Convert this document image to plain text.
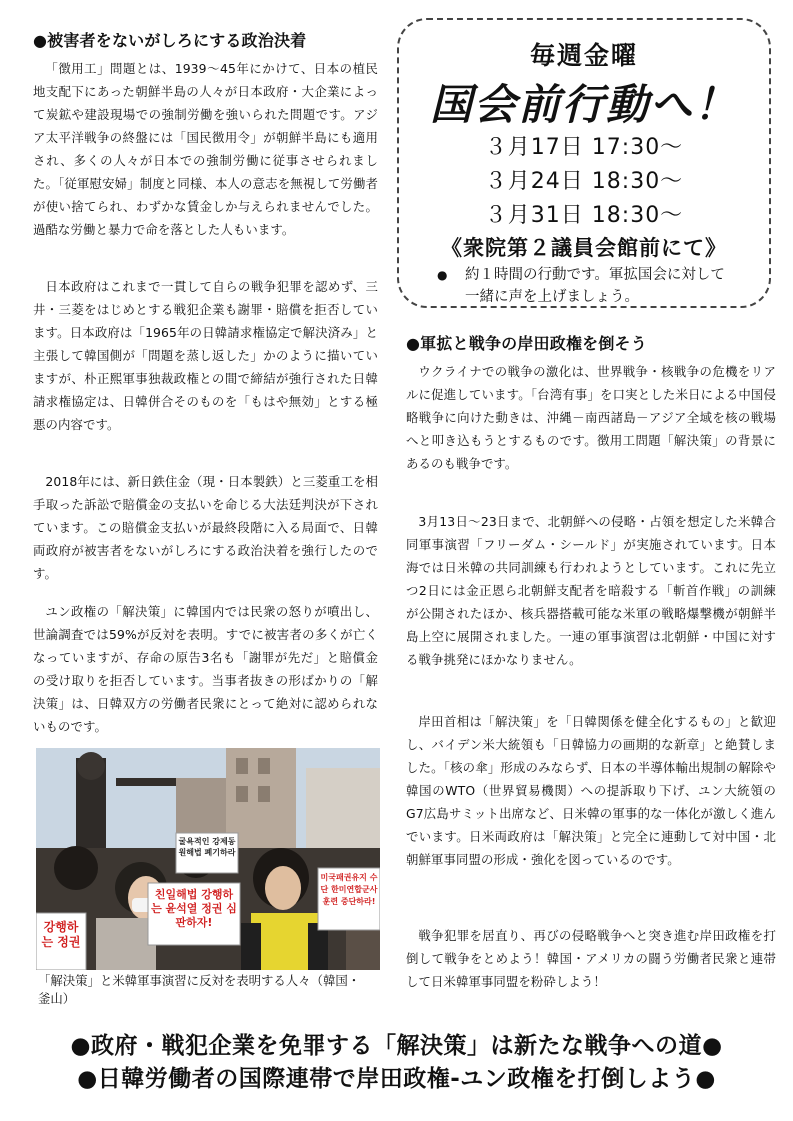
●被害者をないがしろにする政治決着

「徴用工」問題とは、1939～45年にかけて、日本の植民地支配下にあった朝鮮半島の人々が日本政府・大企業によって炭鉱や建設現場での強制労働を強いられた問題です。アジア太平洋戦争の終盤には「国民徴用令」が朝鮮半島にも適用され、多くの人々が日本での強制労働に従事させられました。「従軍慰安婦」制度と同様、本人の意志を無視して労働者が使い捨てられ、わずかな賃金しか与えられませんでした。過酷な労働と暴力で命を落とした人もいます。

日本政府はこれまで一貫して自らの戦争犯罪を認めず、三井・三菱をはじめとする戦犯企業も謝罪・賠償を拒否しています。日本政府は「1965年の日韓請求権協定で解決済み」と主張して韓国側が「問題を蒸し返した」かのように描いていますが、朴正熙軍事独裁政権との間で締結が強行された日韓請求権協定は、日韓併合そのものを「もはや無効」とする極悪の内容です。

2018年には、新日鉄住金（現・日本製鉄）と三菱重工を相手取った訴訟で賠償金の支払いを命じる大法廷判決が下されています。この賠償金支払いが最終段階に入る局面で、日韓両政府が被害者をないがしろにする政治決着を強行したのです。

ユン政権の「解決策」に韓国内では民衆の怒りが噴出し、世論調査では59%が反対を表明。すでに被害者の多くが亡くなっていますが、存命の原告3名も「謝罪が先だ」と賠償金の受け取りを拒否しています。当事者抜きの形ばかりの「解決策」は、日韓双方の労働者民衆にとって絶対に認められないものです。

강행하는 정권
친일해법 강행하는 윤석열 정권 심판하자!
굴욕적인 강제동원해법 폐기하라
미국패권유지 수단 한미연합군사훈련 중단하라!
「解決策」と米韓軍事演習に反対を表明する人々（韓国・釜山）
毎週金曜
国会前行動へ！
３月17日 17:30～
３月24日 18:30～
３月31日 18:30～
《衆院第２議員会館前にて》
● 約１時間の行動です。軍拡国会に対して一緒に声を上げましょう。
●軍拡と戦争の岸田政権を倒そう

ウクライナでの戦争の激化は、世界戦争・核戦争の危機をリアルに促進しています。「台湾有事」を口実とした米日による中国侵略戦争に向けた動きは、沖縄－南西諸島－アジア全域を核の戦場へと叩き込もうとするものです。徴用工問題「解決策」の背景にあるのも戦争です。

3月13日～23日まで、北朝鮮への侵略・占領を想定した米韓合同軍事演習「フリーダム・シールド」が実施されています。日本海では日米韓の共同訓練も行われようとしています。これに先立つ2日には金正恩ら北朝鮮支配者を暗殺する「斬首作戦」の訓練が公開されたほか、核兵器搭載可能な米軍の戦略爆撃機が朝鮮半島上空に展開されました。一連の軍事演習は北朝鮮・中国に対する戦争挑発にほかなりません。

岸田首相は「解決策」を「日韓関係を健全化するもの」と歓迎し、バイデン米大統領も「日韓協力の画期的な新章」と絶賛しました。「核の傘」形成のみならず、日本の半導体輸出規制の解除や韓国のWTO（世界貿易機関）への提訴取り下げ、ユン大統領のG7広島サミット出席など、日米韓の軍事的な一体化が激しく進んでいます。日米両政府は「解決策」と完全に連動して対中国・北朝鮮軍事同盟の形成・強化を図っているのです。

戦争犯罪を居直り、再びの侵略戦争へと突き進む岸田政権を打倒して戦争をとめよう！韓国・アメリカの闘う労働者民衆と連帯して日米韓軍事同盟を粉砕しよう！

●政府・戦犯企業を免罪する「解決策」は新たな戦争への道●
●日韓労働者の国際連帯で岸田政権-ユン政権を打倒しよう●
